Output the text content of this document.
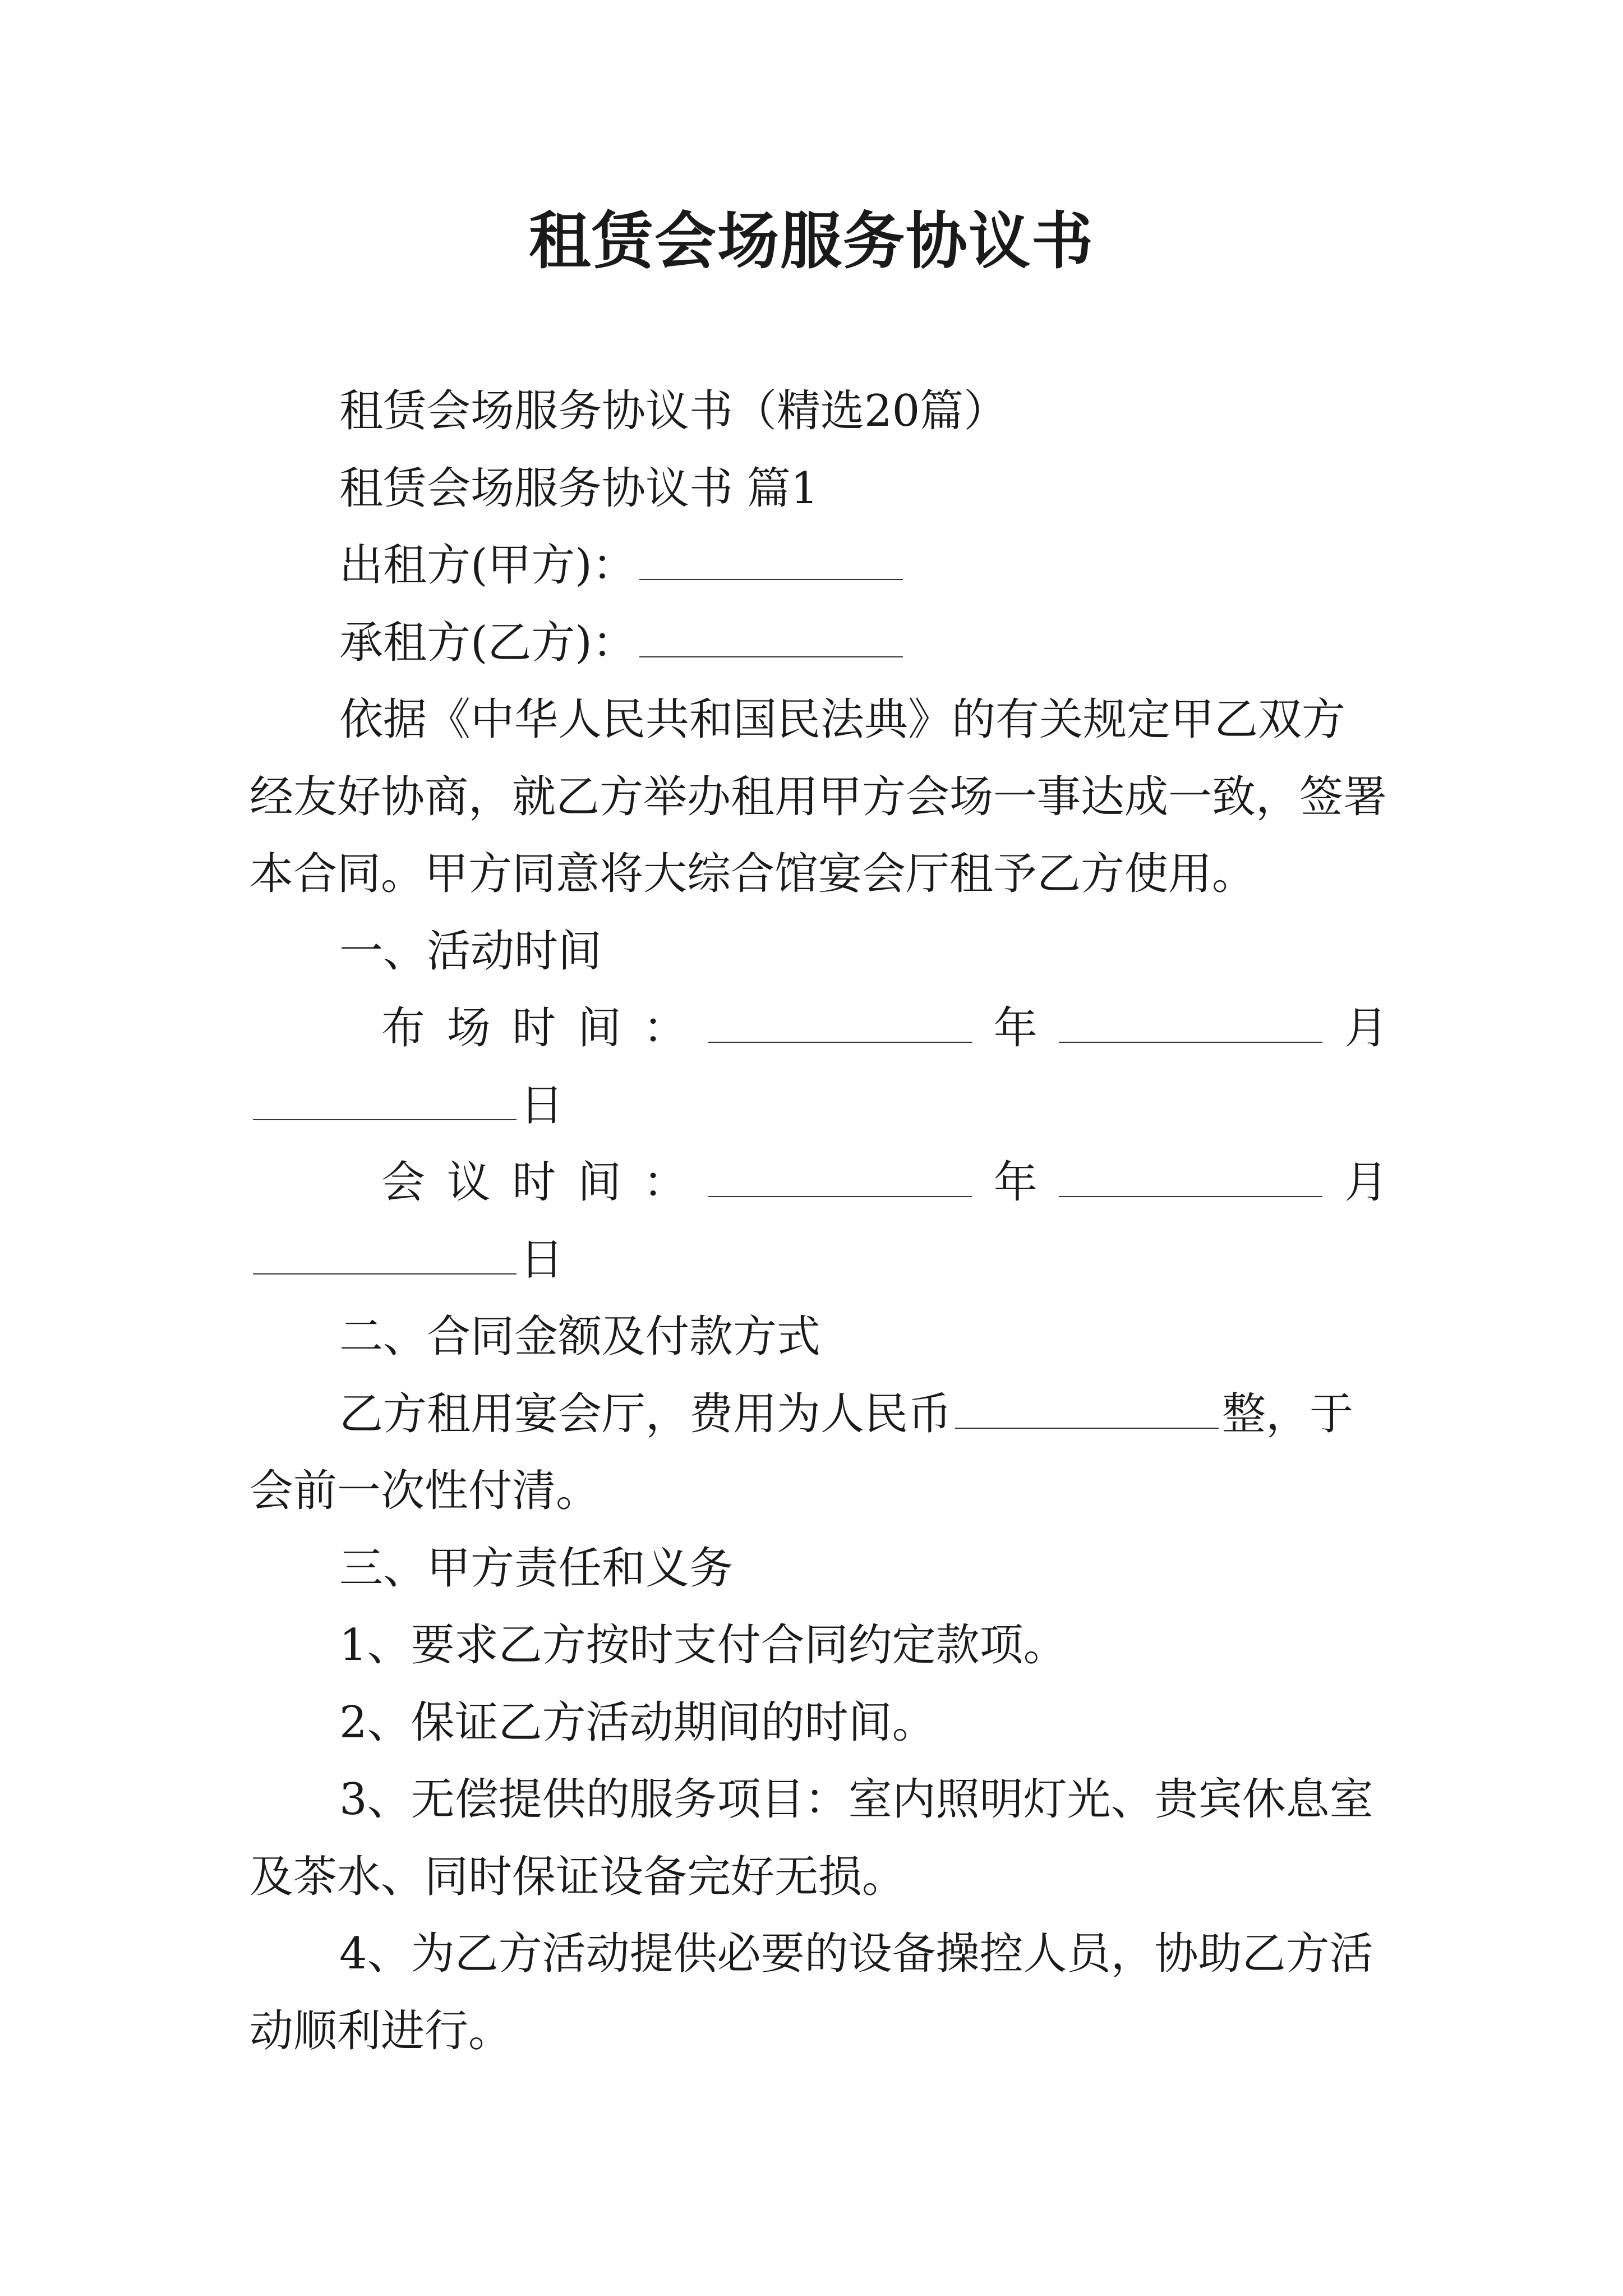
租赁会场服务协议书

租赁会场服务协议书（精选20篇）

租赁会场服务协议书 篇1

出租方(甲方)：

承租方(乙方)：

依据《中华人民共和国民法典》的有关规定甲乙双方经友好协商，就乙方举办租用甲方会场一事达成一致，签署本合同。甲方同意将大综合馆宴会厅租予乙方使用。

一、活动时间

布 场 时 间 ：	年	月

日

会 议 时 间 ：	年	月

日

二、合同金额及付款方式

乙方租用宴会厅，费用为人民币	整，于会前一次性付清。

三、甲方责任和义务

1、要求乙方按时支付合同约定款项。

2、保证乙方活动期间的时间。

3、无偿提供的服务项目：室内照明灯光、贵宾休息室及茶水、同时保证设备完好无损。

4、为乙方活动提供必要的设备操控人员，协助乙方活动顺利进行。
